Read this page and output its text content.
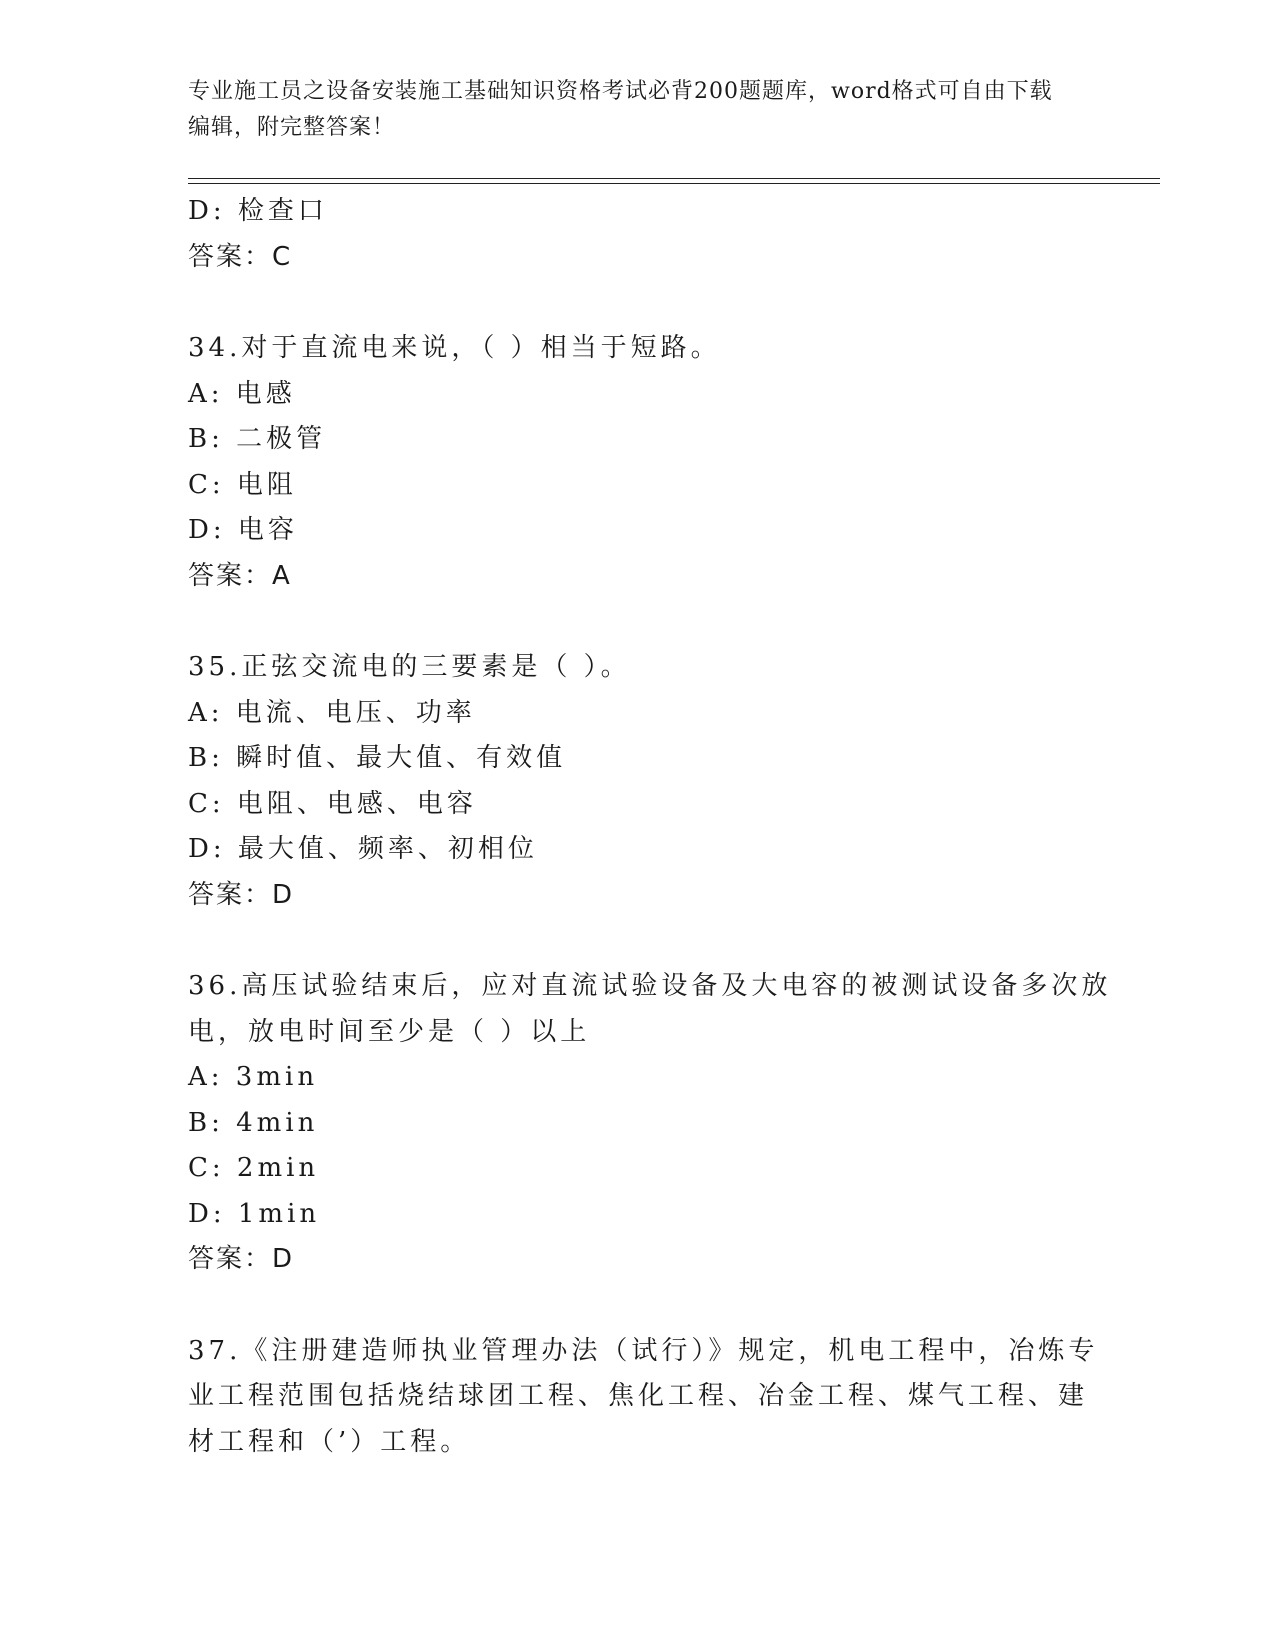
专业施工员之设备安装施工基础知识资格考试必背200题题库，word格式可自由下载编辑，附完整答案！
D: 检查口
答案：C
34.对于直流电来说，（ ）相当于短路。
A: 电感
B: 二极管
C: 电阻
D: 电容
答案：A
35.正弦交流电的三要素是（ ）。
A: 电流、电压、功率
B: 瞬时值、最大值、有效值
C: 电阻、电感、电容
D: 最大值、频率、初相位
答案：D
36.高压试验结束后，应对直流试验设备及大电容的被测试设备多次放
电，放电时间至少是（ ）以上
A: 3min
B: 4min
C: 2min
D: 1min
答案：D
37.《注册建造师执业管理办法（试行）》规定，机电工程中，冶炼专
业工程范围包括烧结球团工程、焦化工程、冶金工程、煤气工程、建
材工程和（’）工程。
